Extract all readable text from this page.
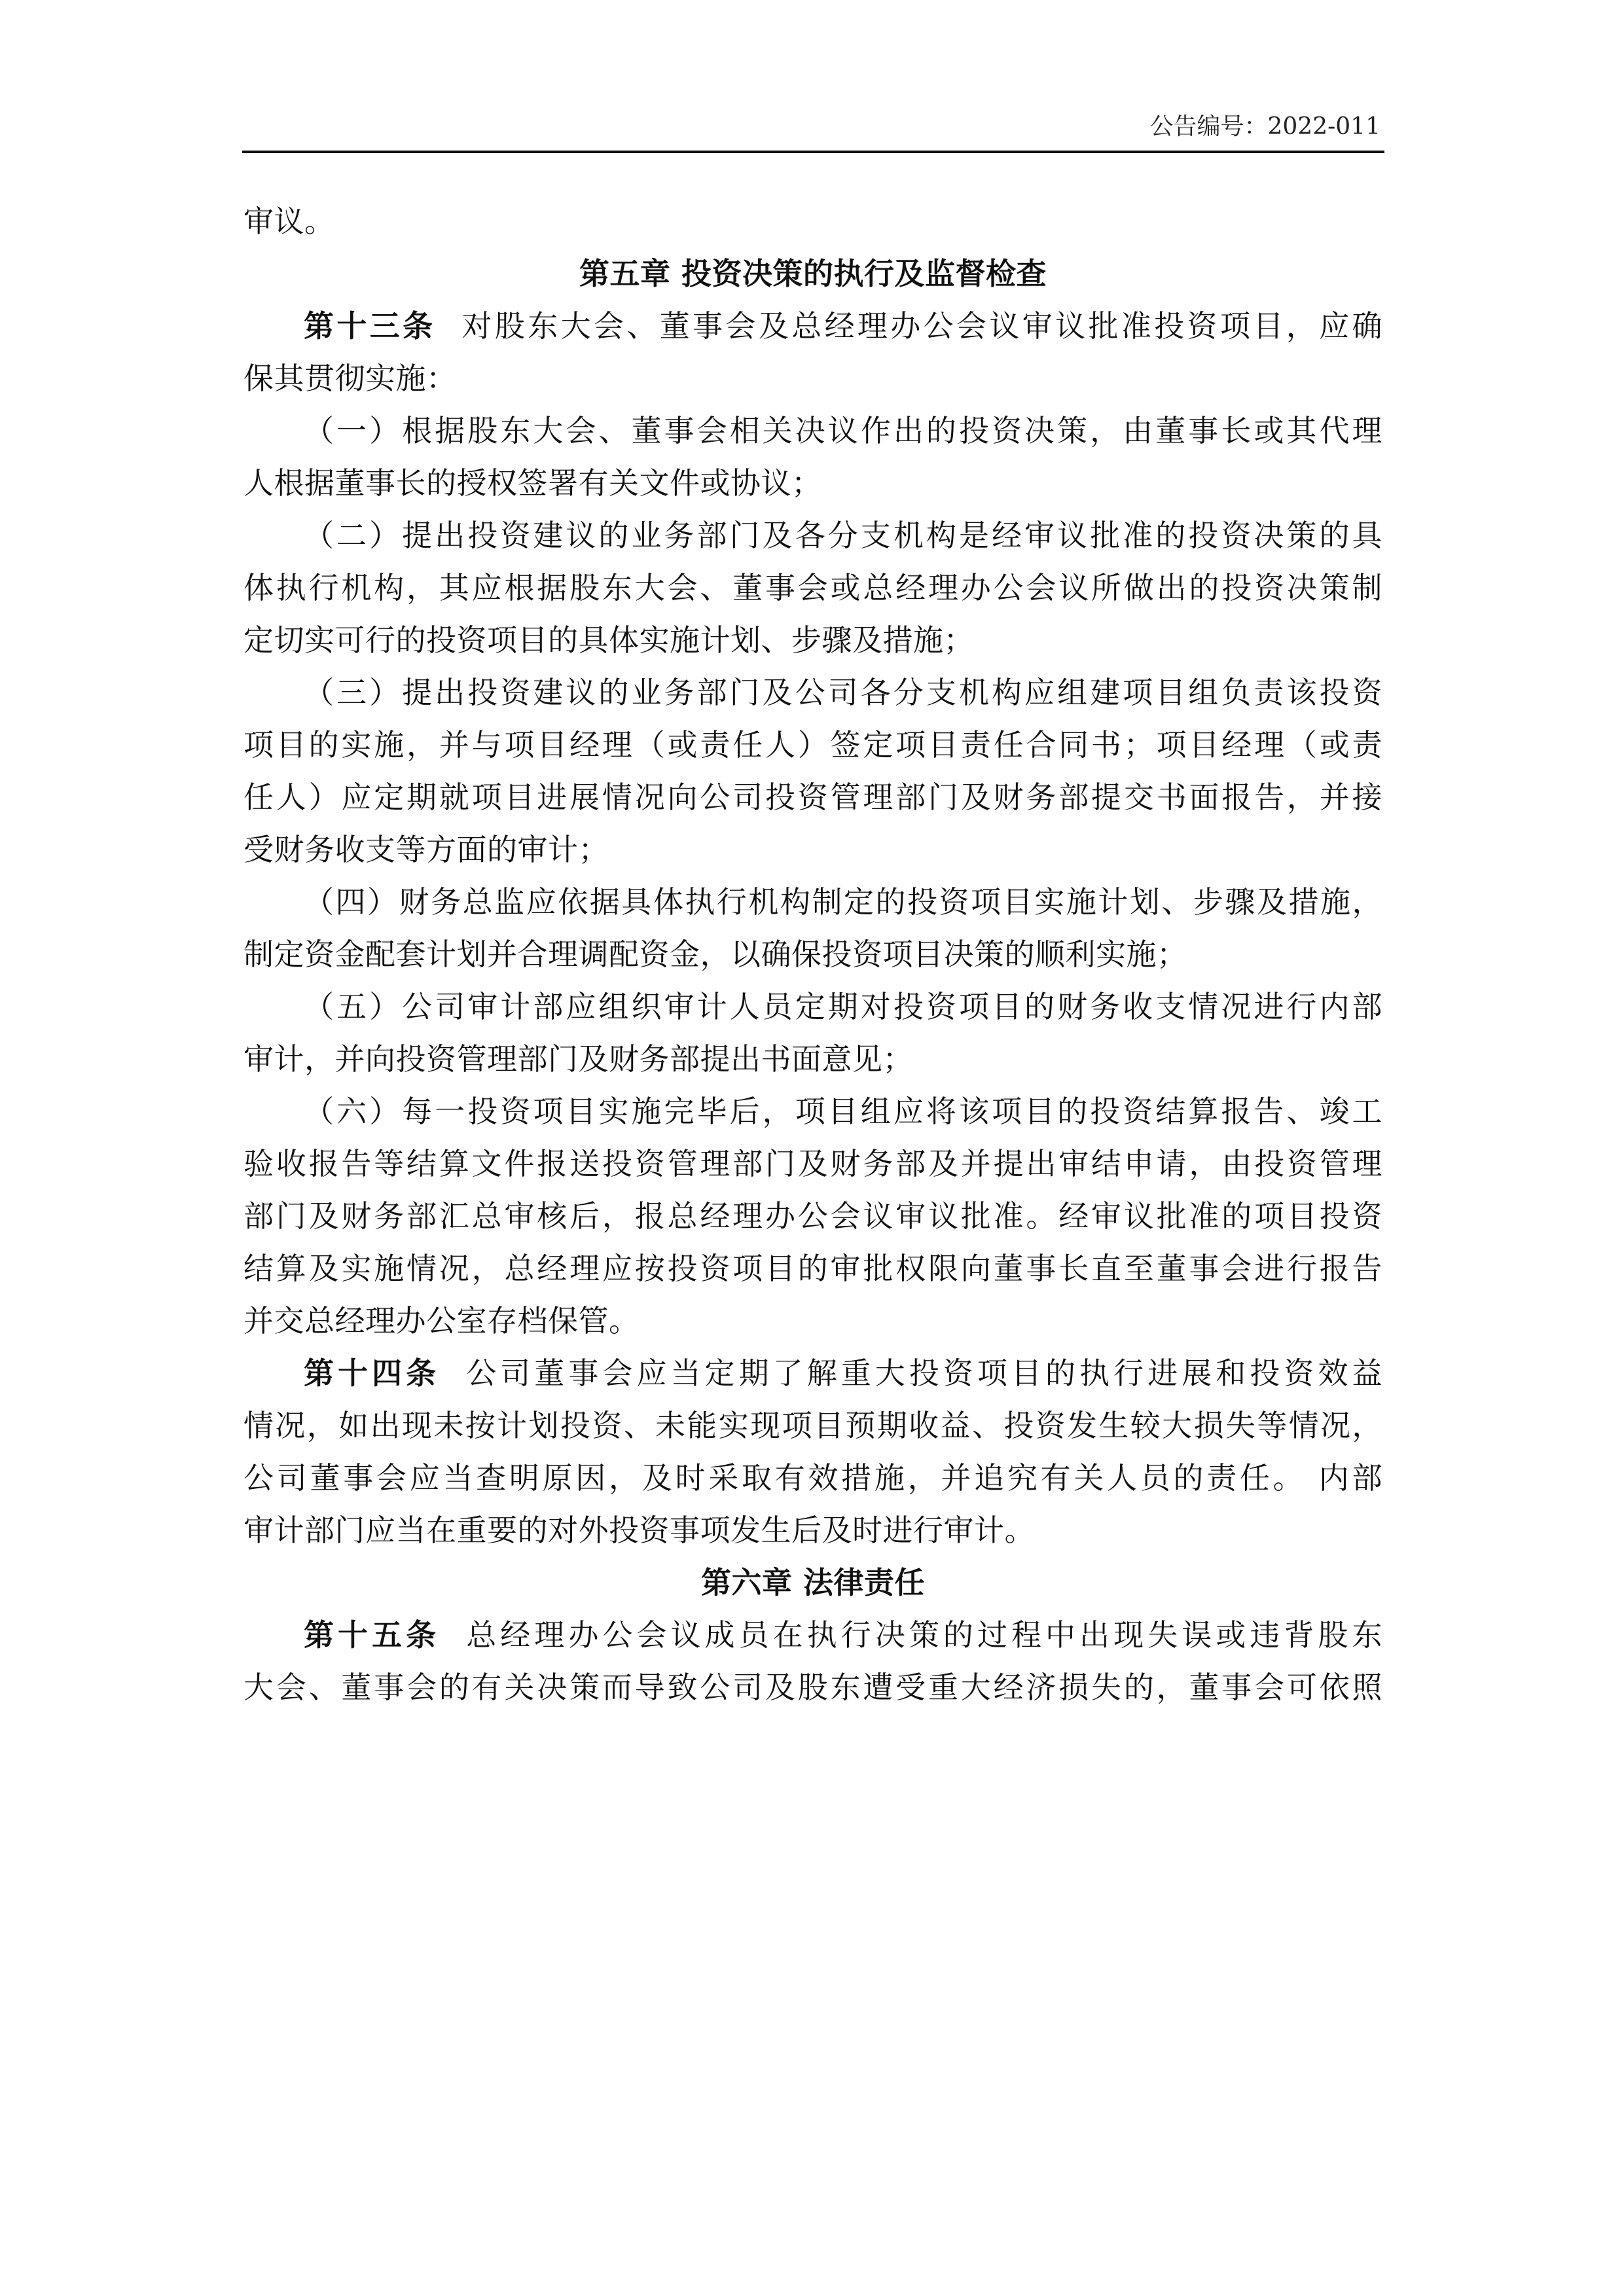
公告编号：2022-011
审议。
第五章 投资决策的执行及监督检查
第十三条 对股东大会、董事会及总经理办公会议审议批准投资项目，应确
保其贯彻实施：
（一）根据股东大会、董事会相关决议作出的投资决策，由董事长或其代理
人根据董事长的授权签署有关文件或协议；
（二）提出投资建议的业务部门及各分支机构是经审议批准的投资决策的具
体执行机构，其应根据股东大会、董事会或总经理办公会议所做出的投资决策制
定切实可行的投资项目的具体实施计划、步骤及措施；
（三）提出投资建议的业务部门及公司各分支机构应组建项目组负责该投资
项目的实施，并与项目经理（或责任人）签定项目责任合同书；项目经理（或责
任人）应定期就项目进展情况向公司投资管理部门及财务部提交书面报告，并接
受财务收支等方面的审计；
（四）财务总监应依据具体执行机构制定的投资项目实施计划、步骤及措施，
制定资金配套计划并合理调配资金，以确保投资项目决策的顺利实施；
（五）公司审计部应组织审计人员定期对投资项目的财务收支情况进行内部
审计，并向投资管理部门及财务部提出书面意见；
（六）每一投资项目实施完毕后，项目组应将该项目的投资结算报告、竣工
验收报告等结算文件报送投资管理部门及财务部及并提出审结申请，由投资管理
部门及财务部汇总审核后，报总经理办公会议审议批准。经审议批准的项目投资
结算及实施情况，总经理应按投资项目的审批权限向董事长直至董事会进行报告
并交总经理办公室存档保管。
第十四条 公司董事会应当定期了解重大投资项目的执行进展和投资效益
情况，如出现未按计划投资、未能实现项目预期收益、投资发生较大损失等情况，
公司董事会应当查明原因，及时采取有效措施，并追究有关人员的责任。 内部
审计部门应当在重要的对外投资事项发生后及时进行审计。
第六章 法律责任
第十五条 总经理办公会议成员在执行决策的过程中出现失误或违背股东
大会、董事会的有关决策而导致公司及股东遭受重大经济损失的，董事会可依照
